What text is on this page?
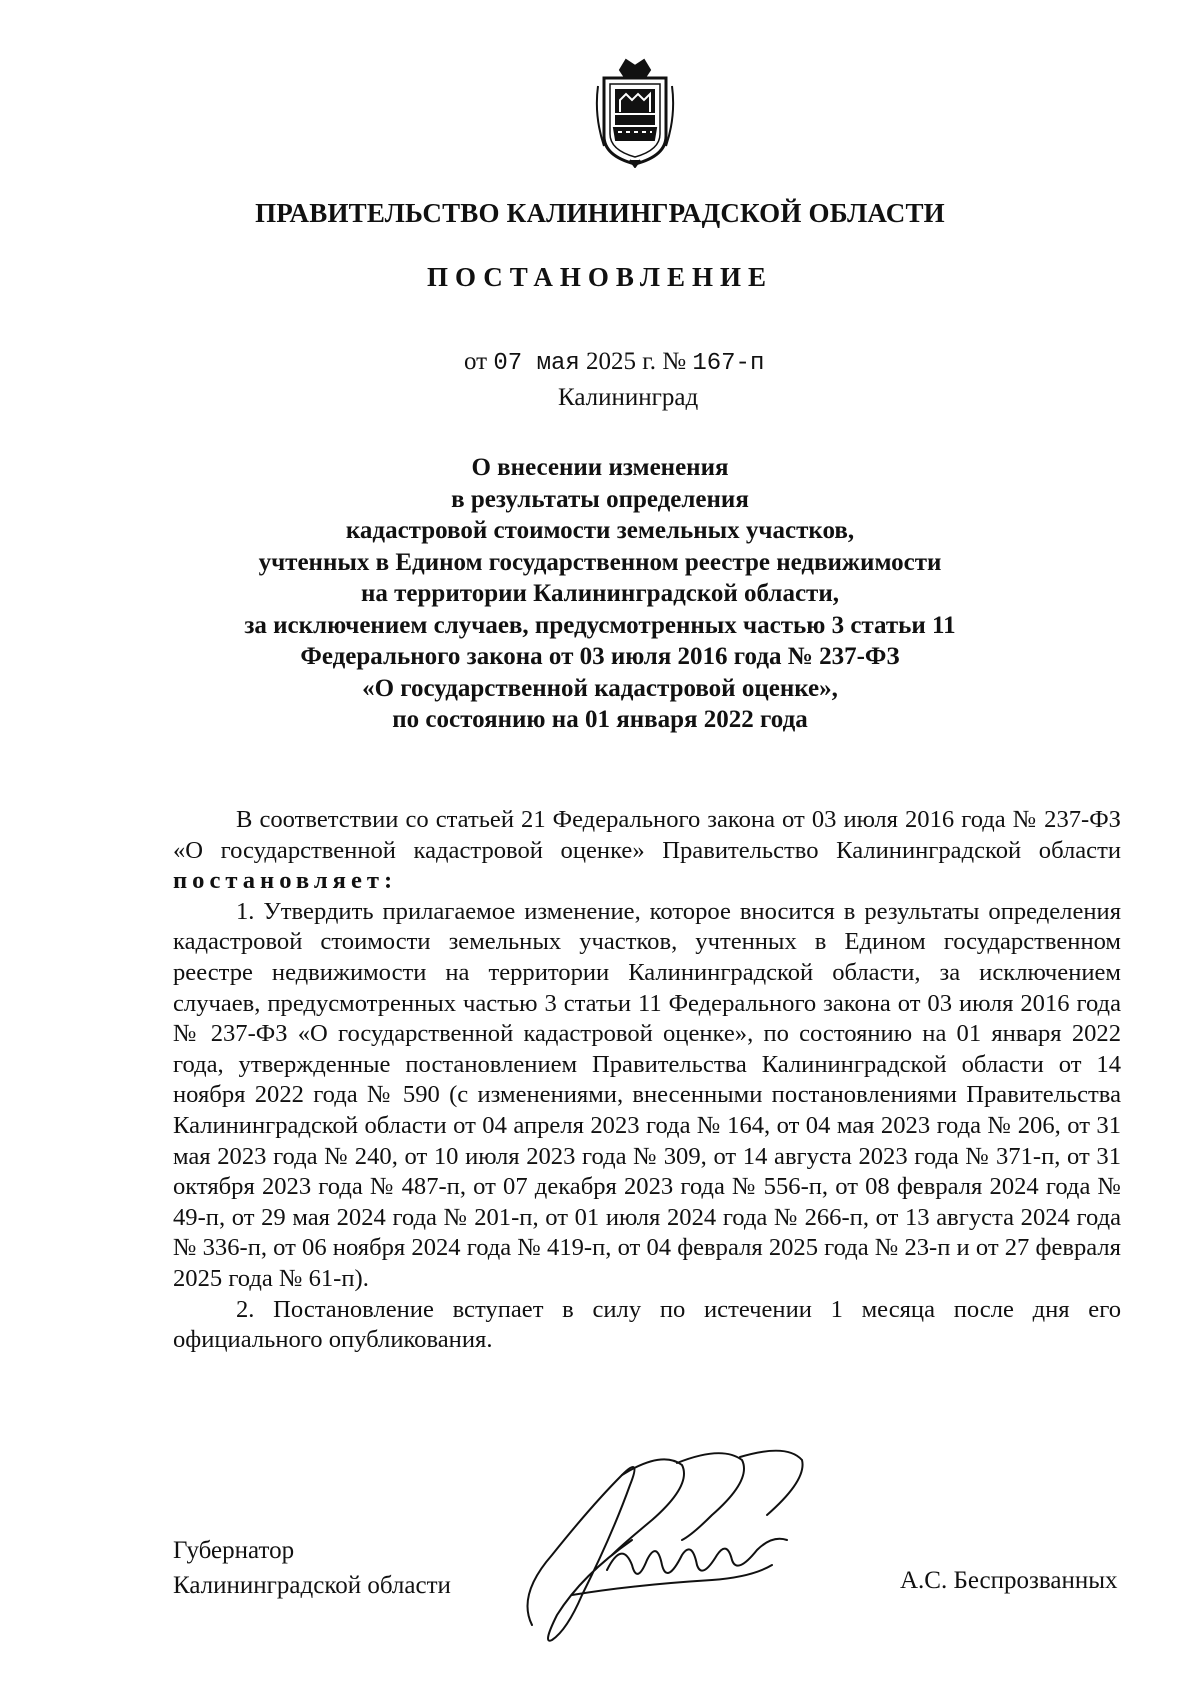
ПРАВИТЕЛЬСТВО КАЛИНИНГРАДСКОЙ ОБЛАСТИ
ПОСТАНОВЛЕНИЕ
от 07 мая 2025 г. № 167-п
Калининград
О внесении изменения
в результаты определения
кадастровой стоимости земельных участков,
учтенных в Едином государственном реестре недвижимости
на территории Калининградской области,
за исключением случаев, предусмотренных частью 3 статьи 11
Федерального закона от 03 июля 2016 года № 237-ФЗ
«О государственной кадастровой оценке»,
по состоянию на 01 января 2022 года

В соответствии со статьей 21 Федерального закона от 03 июля 2016 года № 237-ФЗ «О государственной кадастровой оценке» Правительство Калининградской области постановляет:

1. Утвердить прилагаемое изменение, которое вносится в результаты определения кадастровой стоимости земельных участков, учтенных в Едином государственном реестре недвижимости на территории Калининградской области, за исключением случаев, предусмотренных частью 3 статьи 11 Федерального закона от 03 июля 2016 года № 237-ФЗ «О государственной кадастровой оценке», по состоянию на 01 января 2022 года, утвержденные постановлением Правительства Калининградской области от 14 ноября 2022 года № 590 (с изменениями, внесенными постановлениями Правительства Калининградской области от 04 апреля 2023 года № 164, от 04 мая 2023 года № 206, от 31 мая 2023 года № 240, от 10 июля 2023 года № 309, от 14 августа 2023 года № 371-п, от 31 октября 2023 года № 487-п, от 07 декабря 2023 года № 556-п, от 08 февраля 2024 года № 49-п, от 29 мая 2024 года № 201-п, от 01 июля 2024 года № 266-п, от 13 августа 2024 года № 336-п, от 06 ноября 2024 года № 419-п, от 04 февраля 2025 года № 23-п и от 27 февраля 2025 года № 61-п).

2. Постановление вступает в силу по истечении 1 месяца после дня его официального опубликования.

Губернатор
Калининградской области	А.С. Беспрозванных
